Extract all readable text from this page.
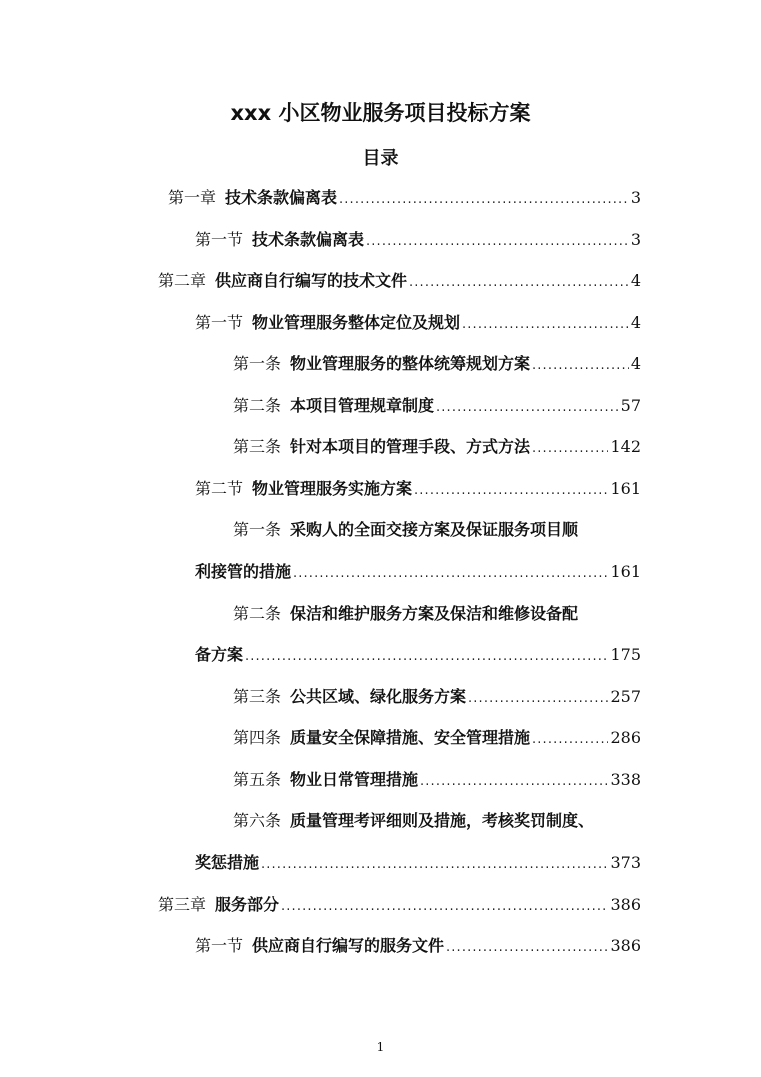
xxx 小区物业服务项目投标方案
目录
第一章 技术条款偏离表 . . .	3
第一节 技术条款偏离表 . . .	3
第二章 供应商自行编写的技术文件 . . .	4
第一节 物业管理服务整体定位及规划 . . .	4
第一条 物业管理服务的整体统筹规划方案 . . .	4
第二条 本项目管理规章制度 . . .	57
第三条 针对本项目的管理手段、方式方法 . . .	142
第二节 物业管理服务实施方案 . . .	161
第一条 采购人的全面交接方案及保证服务项目顺
利接管的措施 . . .	161
第二条 保洁和维护服务方案及保洁和维修设备配
备方案 . . .	175
第三条 公共区域、绿化服务方案 . . .	257
第四条 质量安全保障措施、安全管理措施 . . .	286
第五条 物业日常管理措施 . . .	338
第六条 质量管理考评细则及措施，考核奖罚制度、
奖惩措施 . . .	373
第三章 服务部分 . . .	386
第一节 供应商自行编写的服务文件 . . .	386
1
